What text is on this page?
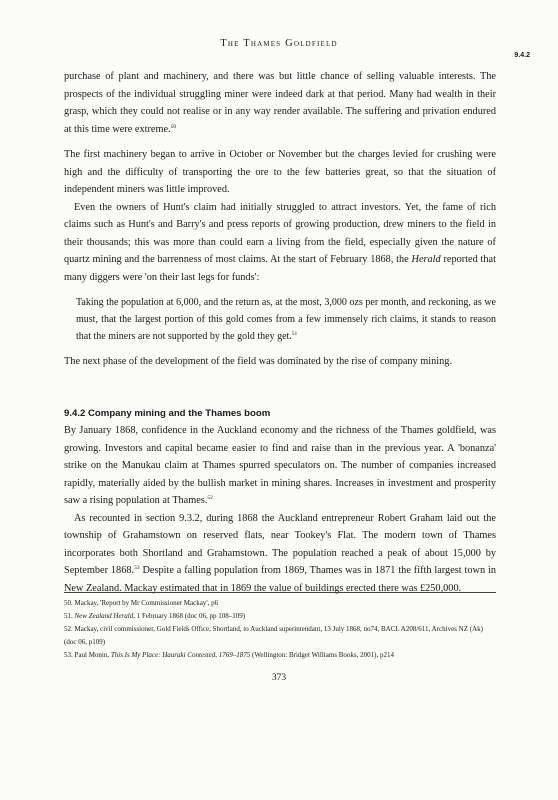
The Thames Goldfield
9.4.2

purchase of plant and machinery, and there was but little chance of selling valuable interests. The prospects of the individual struggling miner were indeed dark at that period. Many had wealth in their grasp, which they could not realise or in any way render available. The suffering and privation endured at this time were extreme.$^{50}$

The first machinery began to arrive in October or November but the charges levied for crushing were high and the difficulty of transporting the ore to the few batteries great, so that the situation of independent miners was little improved.

Even the owners of Hunt's claim had initially struggled to attract investors. Yet, the fame of rich claims such as Hunt's and Barry's and press reports of growing production, drew miners to the field in their thousands; this was more than could earn a living from the field, especially given the nature of quartz mining and the barrenness of most claims. At the start of February 1868, the Herald reported that many diggers were 'on their last legs for funds':

Taking the population at 6,000, and the return as, at the most, 3,000 ozs per month, and reckoning, as we must, that the largest portion of this gold comes from a few immensely rich claims, it stands to reason that the miners are not supported by the gold they get.$^{51}$

The next phase of the development of the field was dominated by the rise of company mining.

9.4.2 Company mining and the Thames boom

By January 1868, confidence in the Auckland economy and the richness of the Thames goldfield, was growing. Investors and capital became easier to find and raise than in the previous year. A 'bonanza' strike on the Manukau claim at Thames spurred speculators on. The number of companies increased rapidly, materially aided by the bullish market in mining shares. Increases in investment and prosperity saw a rising population at Thames.$^{52}$

As recounted in section 9.3.2, during 1868 the Auckland entrepreneur Robert Graham laid out the township of Grahamstown on reserved flats, near Tookey's Flat. The modern town of Thames incorporates both Shortland and Grahamstown. The population reached a peak of about 15,000 by September 1868.53 Despite a falling population from 1869, Thames was in 1871 the fifth largest town in New Zealand. Mackay estimated that in 1869 the value of buildings erected there was £250,000.

50. Mackay, 'Report by Mr Commissioner Mackay', p6

51. New Zealand Herald, 1 February 1868 (doc 06, pp 108–109)

52. Mackay, civil commissioner, Gold Fields Office, Shortland, to Auckland superintendant, 13 July 1868, no74, BACL A208/611, Archives NZ (Ak) (doc 06, p109)

53. Paul Monin, This Is My Place: Hauraki Contested, 1769–1875 (Wellington: Bridget Williams Books, 2001), p214

373
